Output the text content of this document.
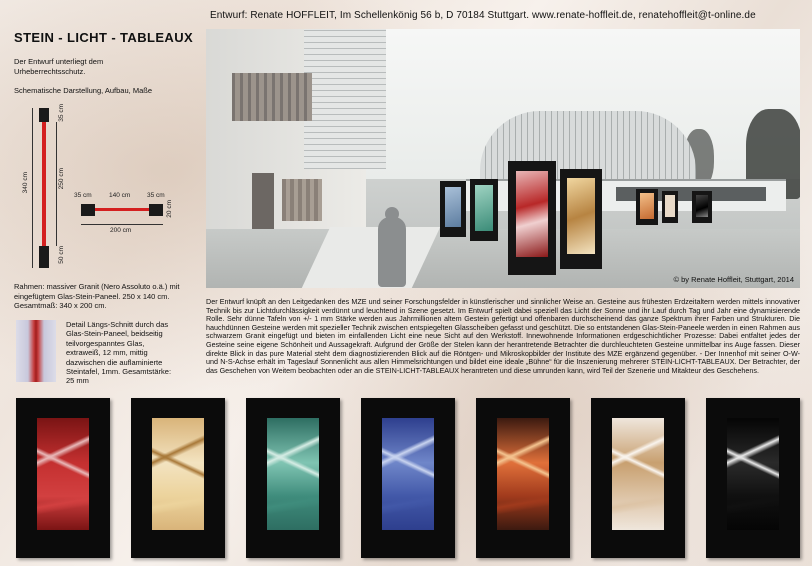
Entwurf: Renate HOFFLEIT, Im Schellenkönig 56 b, D 70184 Stuttgart. www.renate-hoffleit.de, renatehoffleit@t-online.de
STEIN - LICHT - TABLEAUX
Der Entwurf unterliegt dem Urheberrechtsschutz.
Schematische Darstellung, Aufbau, Maße
35 cm
340 cm	250 cm
50 cm
35 cm	140 cm	35 cm
20 cm
200 cm
Rahmen: massiver Granit (Nero Assoluto o.ä.) mit eingefügtem Glas-Stein-Paneel. 250 x 140 cm. Gesamtmaß: 340 x 200 cm.
Detail Längs-Schnitt durch das Glas-Stein-Paneel, beidseitig teilvorgespanntes Glas, extraweiß, 12 mm, mittig dazwischen die auflaminierte Steintafel, 1mm. Gesamtstärke: 25 mm
© by Renate Hoffleit, Stuttgart, 2014
Der Entwurf knüpft an den Leitgedanken des MZE und seiner Forschungsfelder in künstlerischer und sinnlicher Weise an. Gesteine aus frühesten Erdzeitaltern werden mittels innovativer Technik bis zur Lichtdurchlässigkeit verdünnt und leuchtend in Szene gesetzt. Im Entwurf spielt dabei speziell das Licht der Sonne und ihr Lauf durch Tag und Jahr eine dynamisierende Rolle. Sehr dünne Tafeln von +/- 1 mm Stärke werden aus Jahrmillionen altem Gestein gefertigt und offenbaren durchscheinend das ganze Spektrum ihrer Farben und Strukturen. Die hauchdünnen Gesteine werden mit spezieller Technik zwischen entspiegelten Glasscheiben gefasst und geschützt. Die so entstandenen Glas-Stein-Paneele werden in einen Rahmen aus schwarzem Granit eingefügt und bieten im einfallenden Licht eine neue Sicht auf den Werkstoff. Innewohnende Informationen erdgeschichtlicher Prozesse: Dabei entfaltet jedes der Gesteine seine eigene Schönheit und Aussagekraft. Aufgrund der Größe der Stelen kann der herantretende Betrachter die durchleuchteten Gesteine unmittelbar ins Auge fassen. Dieser direkte Blick in das pure Material steht dem diagnostizierenden Blick auf die Röntgen- und Mikroskopbilder der Institute des MZE ergänzend gegenüber. - Der Innenhof mit seiner O-W- und N-S-Achse erhält im Tageslauf Sonnenlicht aus allen Himmelsrichtungen und bildet eine ideale „Bühne“ für die Inszenierung mehrerer STEIN-LICHT-TABLEAUX. Der Betrachter, der das Geschehen von Weitem beobachten oder an die STEIN-LICHT-TABLEAUX herantreten und diese umrunden kann, wird Teil der Szenerie und Mitakteur des Geschehens.
